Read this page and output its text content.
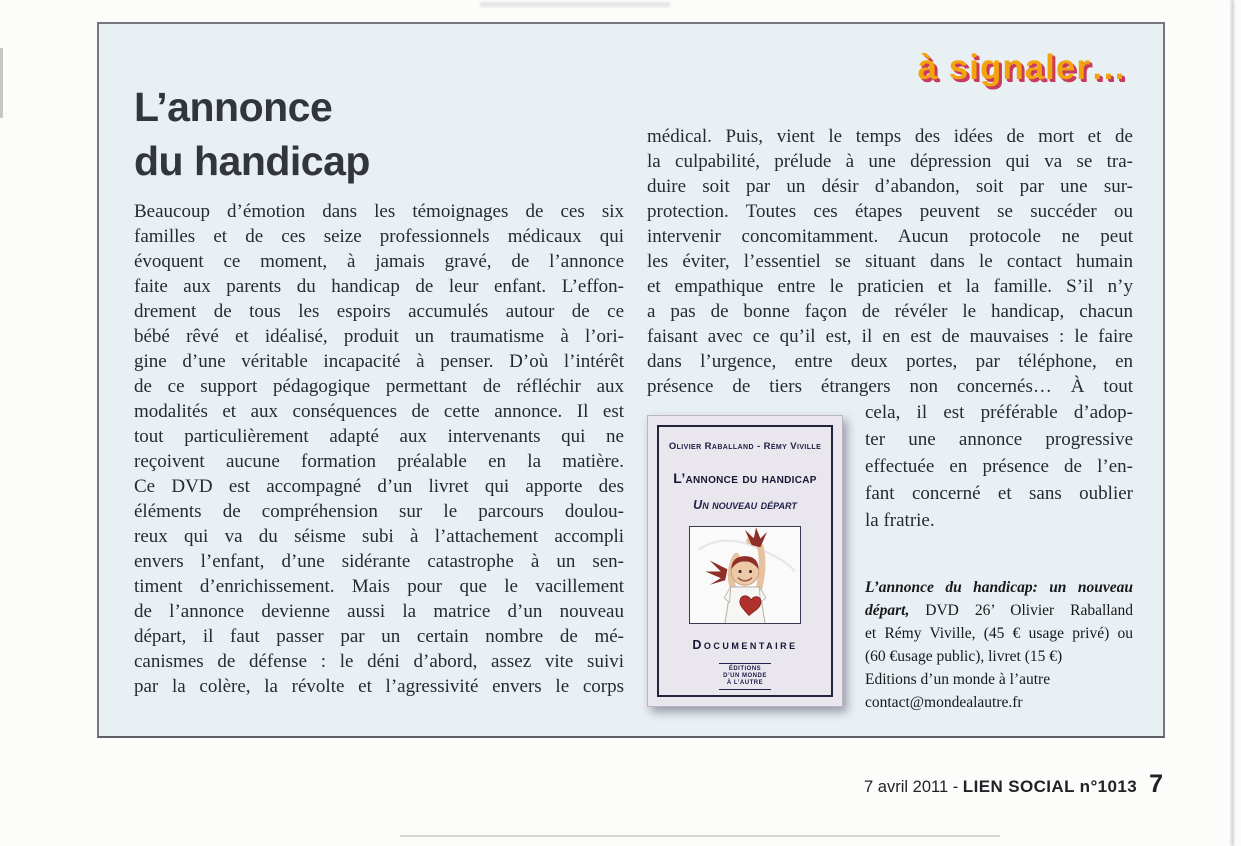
à signaler…
L’annonce
du handicap
Beaucoup d’émotion dans les témoignages de ces six
familles et de ces seize professionnels médicaux qui
évoquent ce moment, à jamais gravé, de l’annonce
faite aux parents du handicap de leur enfant. L’effon-
drement de tous les espoirs accumulés autour de ce
bébé rêvé et idéalisé, produit un traumatisme à l’ori-
gine d’une véritable incapacité à penser. D’où l’intérêt
de ce support pédagogique permettant de réfléchir aux
modalités et aux conséquences de cette annonce. Il est
tout particulièrement adapté aux intervenants qui ne
reçoivent aucune formation préalable en la matière.
Ce DVD est accompagné d’un livret qui apporte des
éléments de compréhension sur le parcours doulou-
reux qui va du séisme subi à l’attachement accompli
envers l’enfant, d’une sidérante catastrophe à un sen-
timent d’enrichissement. Mais pour que le vacillement
de l’annonce devienne aussi la matrice d’un nouveau
départ, il faut passer par un certain nombre de mé-
canismes de défense : le déni d’abord, assez vite suivi
par la colère, la révolte et l’agressivité envers le corps
médical. Puis, vient le temps des idées de mort et de
la culpabilité, prélude à une dépression qui va se tra-
duire soit par un désir d’abandon, soit par une sur-
protection. Toutes ces étapes peuvent se succéder ou
intervenir concomitamment. Aucun protocole ne peut
les éviter, l’essentiel se situant dans le contact humain
et empathique entre le praticien et la famille. S’il n’y
a pas de bonne façon de révéler le handicap, chacun
faisant avec ce qu’il est, il en est de mauvaises : le faire
dans l’urgence, entre deux portes, par téléphone, en
présence de tiers étrangers non concernés… À tout
Olivier Raballand - Rémy Viville
L’annonce du handicap
Un nouveau départ
Documentaire
ÉDITIONS
D’UN MONDE
À L’AUTRE
cela, il est préférable d’adop-
ter une annonce progressive
effectuée en présence de l’en-
fant concerné et sans oublier
la fratrie.
L’annonce du handicap: un nouveau
départ, DVD 26’ Olivier Raballand
et Rémy Viville, (45 € usage privé) ou
(60 €usage public), livret (15 €)
Editions d’un monde à l’autre
contact@mondealautre.fr
7 avril 2011 - LIEN SOCIAL n°1013 7
